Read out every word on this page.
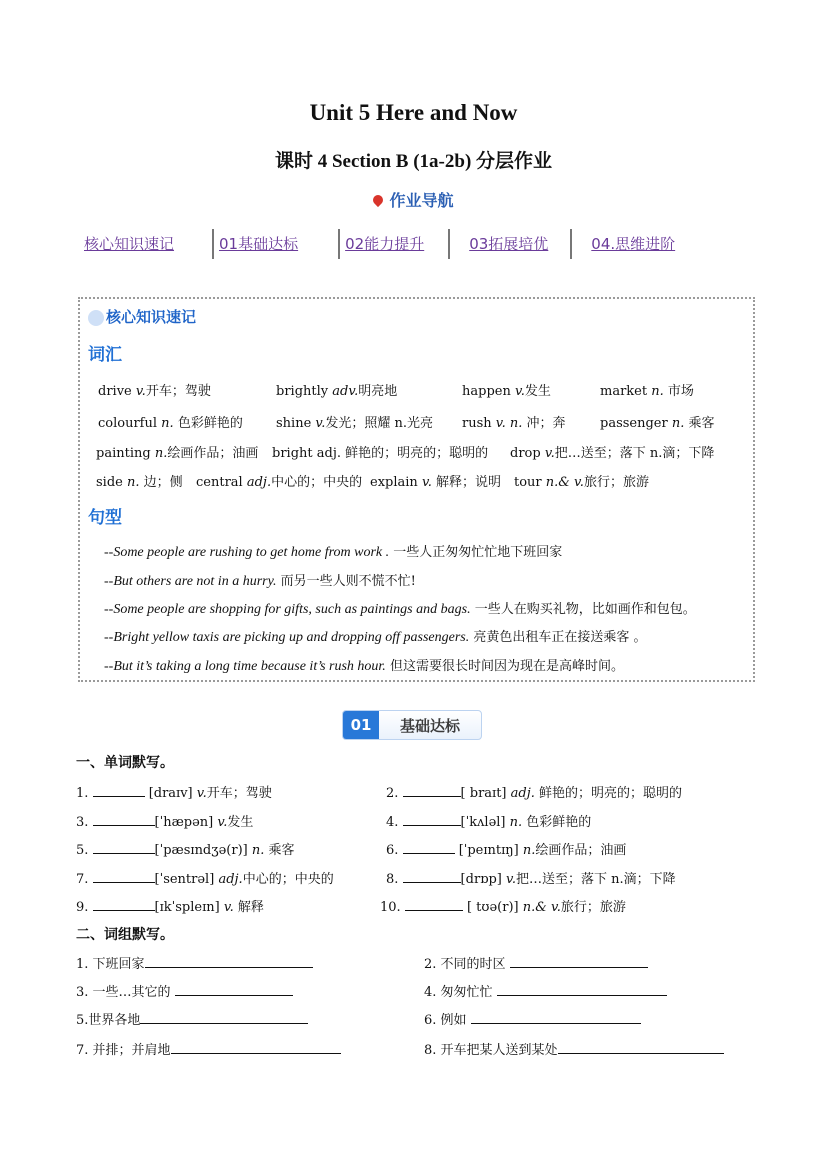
Unit 5 Here and Now
课时 4 Section B (1a-2b) 分层作业
作业导航
核心知识速记	01基础达标	02能力提升	03拓展培优	04.思维进阶
核心知识速记
词汇
drive v.开车；驾驶	brightly adv.明亮地	happen v.发生	market n. 市场
colourful n. 色彩鲜艳的	shine v.发光；照耀 n.光亮 rush v. n. 冲；奔	passenger n. 乘客
painting n.绘画作品；油画 bright adj. 鲜艳的；明亮的；聪明的 drop v.把…送至；落下 n.滴；下降
side n. 边；侧 central adj.中心的；中央的 explain v. 解释；说明 tour n.& v.旅行；旅游
句型
--Some people are rushing to get home from work . 一些人正匆匆忙忙地下班回家
--But others are not in a hurry. 而另一些人则不慌不忙!
--Some people are shopping for gifts, such as paintings and bags. 一些人在购买礼物，比如画作和包包。
--Bright yellow taxis are picking up and dropping off passengers. 亮黄色出租车正在接送乘客 。
--But it’s taking a long time because it’s rush hour. 但这需要很长时间因为现在是高峰时间。
01	基础达标
一、单词默写。
1.	[draɪv] v.开车；驾驶	2.	[ braɪt] adj. 鲜艳的；明亮的；聪明的
3.	[ˈhæpən] v.发生	4.	[ˈkʌləl] n. 色彩鲜艳的
5.	[ˈpæsɪndʒə(r)] n. 乘客	6.	[ˈpeɪntɪŋ] n.绘画作品；油画
7.	[ˈsentrəl] adj.中心的；中央的	8.	[drɒp] v.把…送至；落下 n.滴；下降
9.	[ɪkˈspleɪn] v. 解释	10.	[ tʊə(r)] n.& v.旅行；旅游
二、词组默写。
1. 下班回家	2. 不同的时区
3. 一些…其它的	4. 匆匆忙忙
5.世界各地	6. 例如
7. 并排；并肩地	8. 开车把某人送到某处
